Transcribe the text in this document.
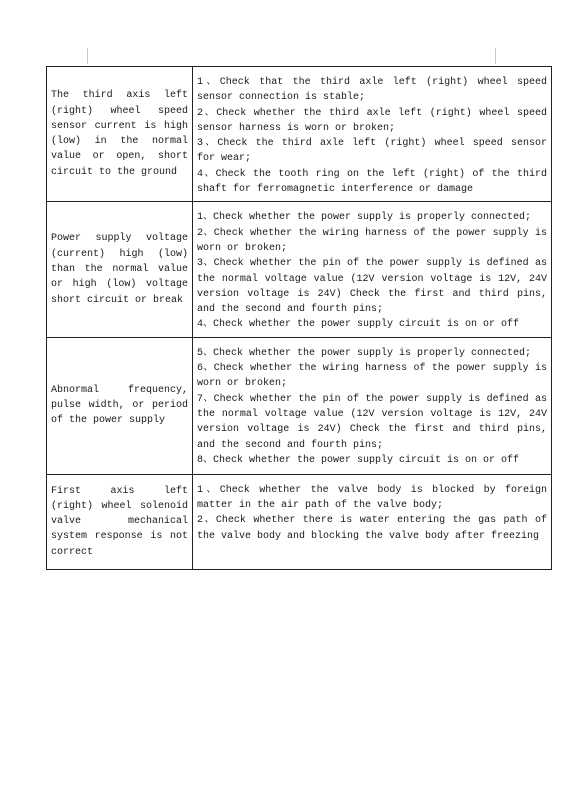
The third axis left (right) wheel speed sensor current is high (low) in the normal value or open, short circuit to the ground	1、Check that the third axle left (right) wheel speed sensor connection is stable;
2、Check whether the third axle left (right) wheel speed sensor harness is worn or broken;
3、Check the third axle left (right) wheel speed sensor for wear;
4、Check the tooth ring on the left (right) of the third shaft for ferromagnetic interference or damage

Power supply voltage (current) high (low) than the normal value or high (low) voltage short circuit or break	1、Check whether the power supply is properly connected;
2、Check whether the wiring harness of the power supply is worn or broken;
3、Check whether the pin of the power supply is defined as the normal voltage value (12V version voltage is 12V, 24V version voltage is 24V) Check the first and third pins, and the second and fourth pins;
4、Check whether the power supply circuit is on or off

Abnormal frequency, pulse width, or period of the power supply	5、Check whether the power supply is properly connected;
6、Check whether the wiring harness of the power supply is worn or broken;
7、Check whether the pin of the power supply is defined as the normal voltage value (12V version voltage is 12V, 24V version voltage is 24V) Check the first and third pins, and the second and fourth pins;
8、Check whether the power supply circuit is on or off

First axis left (right) wheel solenoid valve mechanical system response is not correct	1、Check whether the valve body is blocked by foreign matter in the air path of the valve body;
2、Check whether there is water entering the gas path of the valve body and blocking the valve body after freezing
